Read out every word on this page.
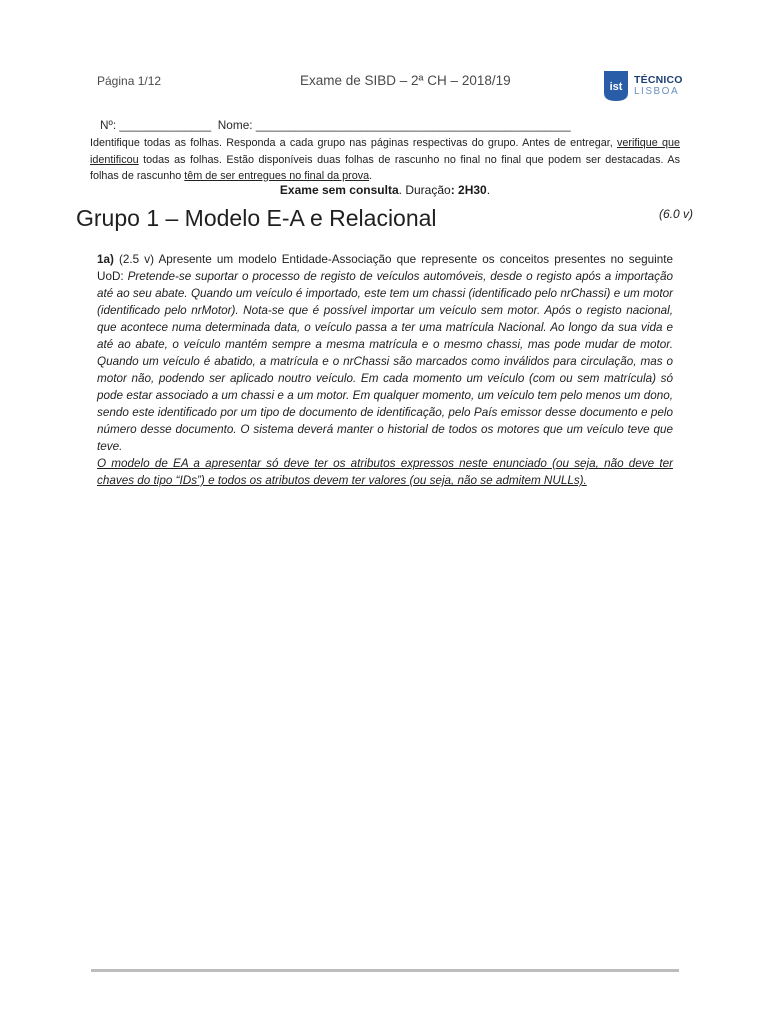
Página 1/12	Exame de SIBD – 2ª CH – 2018/19	ist
TÉCNICO
LISBOA
Nº: ______________  Nome: ________________________________________________
Identifique todas as folhas. Responda a cada grupo nas páginas respectivas do grupo. Antes de entregar, verifique que identificou todas as folhas. Estão disponíveis duas folhas de rascunho no final no final que podem ser destacadas. As folhas de rascunho têm de ser entregues no final da prova.
Exame sem consulta. Duração: 2H30.
Grupo 1 – Modelo E-A e Relacional	(6.0 v)
1a) (2.5 v) Apresente um modelo Entidade-Associação que represente os conceitos presentes no seguinte UoD: Pretende-se suportar o processo de registo de veículos automóveis, desde o registo após a importação até ao seu abate. Quando um veículo é importado, este tem um chassi (identificado pelo nrChassi) e um motor (identificado pelo nrMotor). Nota-se que é possível importar um veículo sem motor. Após o registo nacional, que acontece numa determinada data, o veículo passa a ter uma matrícula Nacional. Ao longo da sua vida e até ao abate, o veículo mantém sempre a mesma matrícula e o mesmo chassi, mas pode mudar de motor. Quando um veículo é abatido, a matrícula e o nrChassi são marcados como inválidos para circulação, mas o motor não, podendo ser aplicado noutro veículo. Em cada momento um veículo (com ou sem matrícula) só pode estar associado a um chassi e a um motor. Em qualquer momento, um veículo tem pelo menos um dono, sendo este identificado por um tipo de documento de identificação, pelo País emissor desse documento e pelo número desse documento. O sistema deverá manter o historial de todos os motores que um veículo teve que teve.
O modelo de EA a apresentar só deve ter os atributos expressos neste enunciado (ou seja, não deve ter chaves do tipo “IDs”) e todos os atributos devem ter valores (ou seja, não se admitem NULLs).
